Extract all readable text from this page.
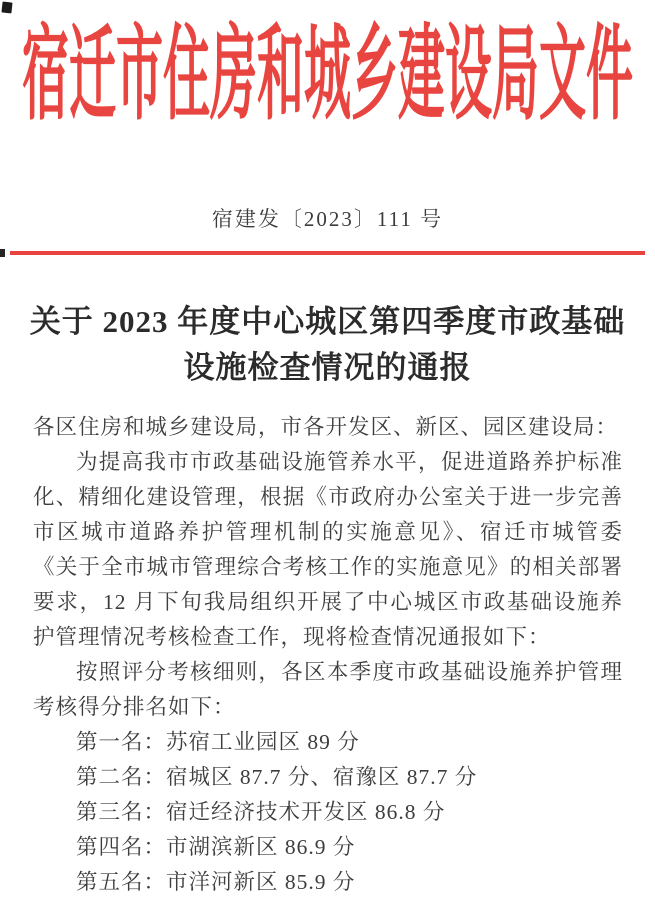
宿迁市住房和城乡建设局文件
宿建发〔2023〕111 号
关于 2023 年度中心城区第四季度市政基础
设施检查情况的通报

各区住房和城乡建设局，市各开发区、新区、园区建设局：

为提高我市市政基础设施管养水平，促进道路养护标准化、精细化建设管理，根据《市政府办公室关于进一步完善市区城市道路养护管理机制的实施意见》、宿迁市城管委《关于全市城市管理综合考核工作的实施意见》的相关部署要求，12 月下旬我局组织开展了中心城区市政基础设施养护管理情况考核检查工作，现将检查情况通报如下：

按照评分考核细则，各区本季度市政基础设施养护管理考核得分排名如下：

第一名：苏宿工业园区 89 分

第二名：宿城区 87.7 分、宿豫区 87.7 分

第三名：宿迁经济技术开发区 86.8 分

第四名：市湖滨新区 86.9 分

第五名：市洋河新区 85.9 分
